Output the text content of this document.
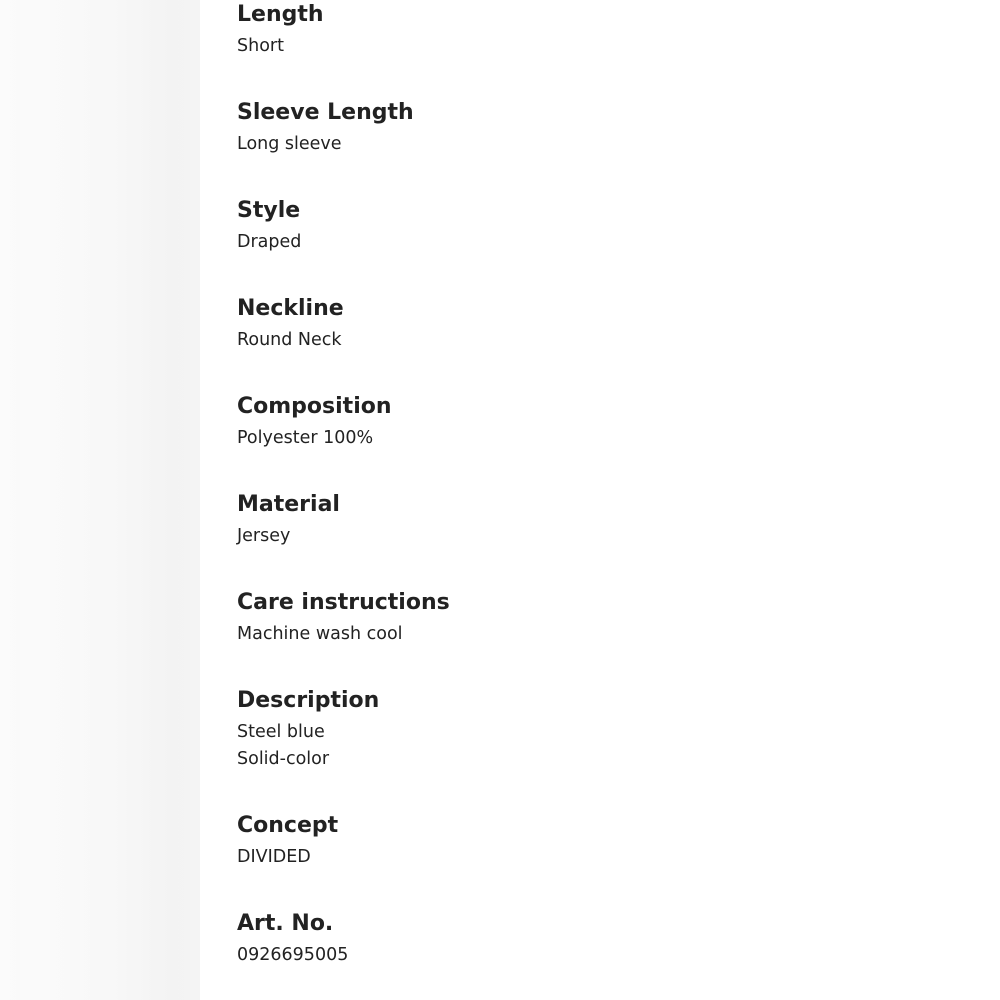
Length
Short
Sleeve Length
Long sleeve
Style
Draped
Neckline
Round Neck
Composition
Polyester 100%
Material
Jersey
Care instructions
Machine wash cool
Description
Steel blue
Solid-color
Concept
DIVIDED
Art. No.
0926695005
